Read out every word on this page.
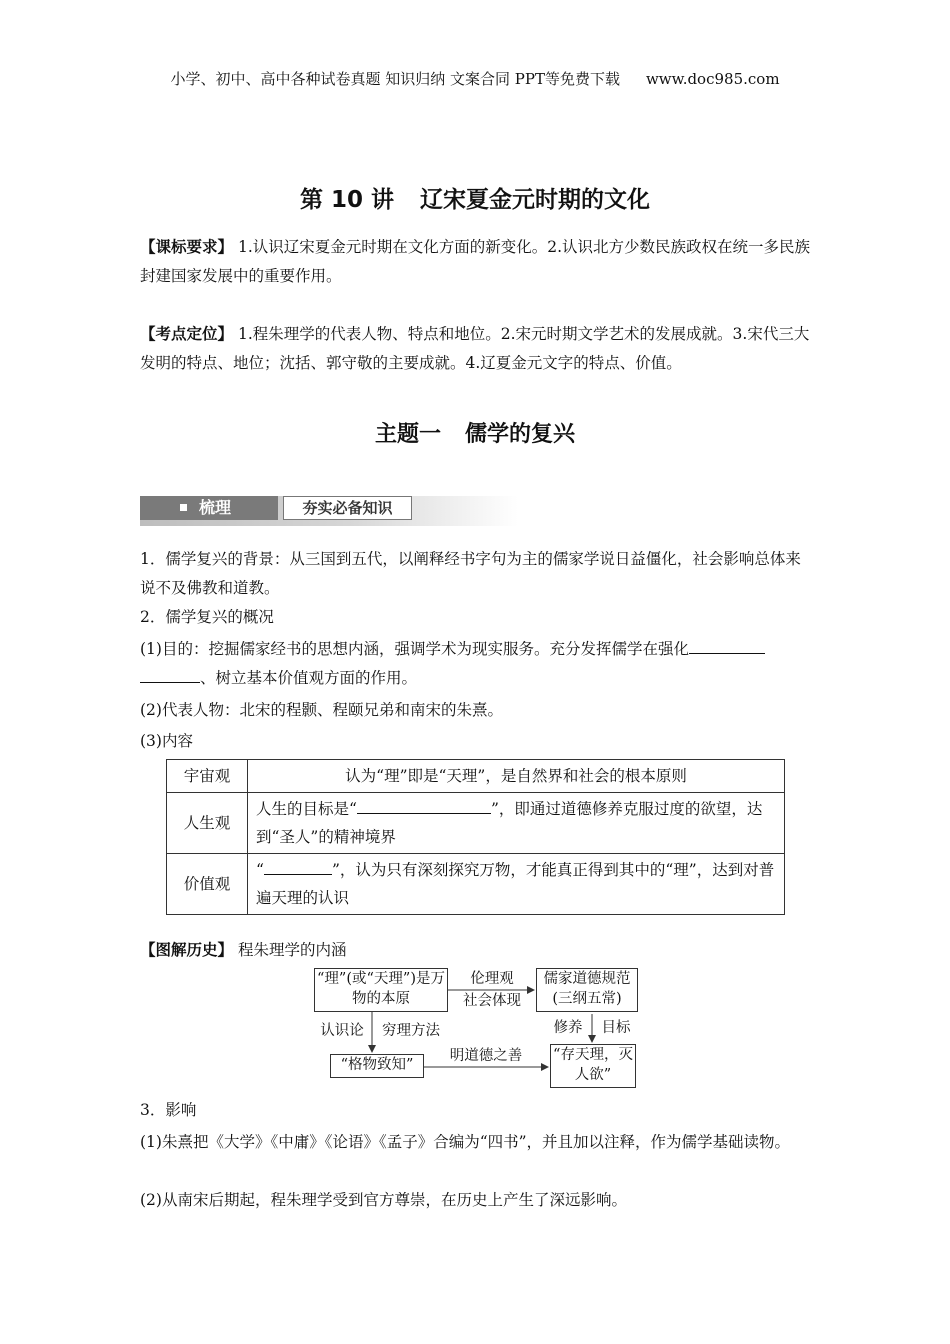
小学、初中、高中各种试卷真题 知识归纳 文案合同 PPT等免费下载 www.doc985.com
第 10 讲 辽宋夏金元时期的文化
【课标要求】 1.认识辽宋夏金元时期在文化方面的新变化。2.认识北方少数民族政权在统一多民族封建国家发展中的重要作用。
【考点定位】 1.程朱理学的代表人物、特点和地位。2.宋元时期文学艺术的发展成就。3.宋代三大发明的特点、地位；沈括、郭守敬的主要成就。4.辽夏金元文字的特点、价值。
主题一 儒学的复兴
梳理	夯实必备知识
1．儒学复兴的背景：从三国到五代，以阐释经书字句为主的儒家学说日益僵化，社会影响总体来说不及佛教和道教。
2．儒学复兴的概况
(1)目的：挖掘儒家经书的思想内涵，强调学术为现实服务。充分发挥儒学在强化
、树立基本价值观方面的作用。
(2)代表人物：北宋的程颢、程颐兄弟和南宋的朱熹。
(3)内容
宇宙观	认为“理”即是“天理”，是自然界和社会的根本原则
人生观	人生的目标是“ ”，即通过道德修养克服过度的欲望，达到“圣人”的精神境界
价值观	“ ”，认为只有深刻探究万物，才能真正得到其中的“理”，达到对普遍天理的认识
【图解历史】 程朱理学的内涵
“理”(或“天理”)是万物的本原
儒家道德规范(三纲五常)
“格物致知”
“存天理，灭人欲”
伦理观
社会体现
认识论	穷理方法
明道德之善
修养	目标
3．影响
(1)朱熹把《大学》《中庸》《论语》《孟子》合编为“四书”，并且加以注释，作为儒学基础读物。
(2)从南宋后期起，程朱理学受到官方尊崇，在历史上产生了深远影响。
